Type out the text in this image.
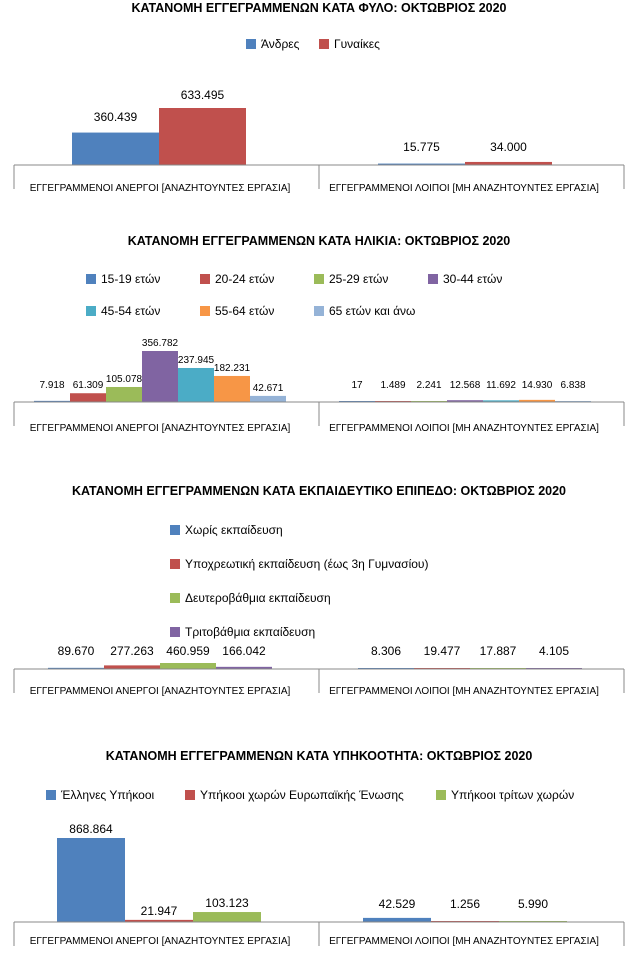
ΚΑΤΑΝΟΜΗ ΕΓΓΕΓΡΑΜΜΕΝΩΝ ΚΑΤΑ ΦΥΛΟ: ΟΚΤΩΒΡΙΟΣ 2020
Άνδρες	Γυναίκες
360.439
633.495
ΕΓΓΕΓΡΑΜΜΕΝΟΙ ΑΝΕΡΓΟΙ [ΑΝΑΖΗΤΟΥΝΤΕΣ ΕΡΓΑΣΙΑ]
15.775	34.000
ΕΓΓΕΓΡΑΜΜΕΝΟΙ ΛΟΙΠΟΙ [ΜΗ ΑΝΑΖΗΤΟΥΝΤΕΣ ΕΡΓΑΣΙΑ]
ΚΑΤΑΝΟΜΗ ΕΓΓΕΓΡΑΜΜΕΝΩΝ ΚΑΤΑ ΗΛΙΚΙΑ: ΟΚΤΩΒΡΙΟΣ 2020
15-19 ετών	20-24 ετών	25-29 ετών	30-44 ετών
45-54 ετών	55-64 ετών	65 ετών και άνω
7.918 61.309
105.078
356.782
237.945
182.231
42.671
ΕΓΓΕΓΡΑΜΜΕΝΟΙ ΑΝΕΡΓΟΙ [ΑΝΑΖΗΤΟΥΝΤΕΣ ΕΡΓΑΣΙΑ]
17 1.489 2.241 12.568 11.692 14.930 6.838
ΕΓΓΕΓΡΑΜΜΕΝΟΙ ΛΟΙΠΟΙ [ΜΗ ΑΝΑΖΗΤΟΥΝΤΕΣ ΕΡΓΑΣΙΑ]
ΚΑΤΑΝΟΜΗ ΕΓΓΕΓΡΑΜΜΕΝΩΝ ΚΑΤΑ ΕΚΠΑΙΔΕΥΤΙΚΟ ΕΠΙΠΕΔΟ: ΟΚΤΩΒΡΙΟΣ 2020
Χωρίς εκπαίδευση
Υποχρεωτική εκπαίδευση (έως 3η Γυμνασίου)
Δευτεροβάθμια εκπαίδευση
Τριτοβάθμια εκπαίδευση
89.670 277.263 460.959 166.042
ΕΓΓΕΓΡΑΜΜΕΝΟΙ ΑΝΕΡΓΟΙ [ΑΝΑΖΗΤΟΥΝΤΕΣ ΕΡΓΑΣΙΑ]
8.306 19.477 17.887 4.105
ΕΓΓΕΓΡΑΜΜΕΝΟΙ ΛΟΙΠΟΙ [ΜΗ ΑΝΑΖΗΤΟΥΝΤΕΣ ΕΡΓΑΣΙΑ]
ΚΑΤΑΝΟΜΗ ΕΓΓΕΓΡΑΜΜΕΝΩΝ ΚΑΤΑ ΥΠΗΚΟΟΤΗΤΑ: ΟΚΤΩΒΡΙΟΣ 2020
Έλληνες Υπήκοοι	Υπήκοοι χωρών Ευρωπαϊκής Ένωσης	Υπήκοοι τρίτων χωρών
868.864
21.947
103.123
ΕΓΓΕΓΡΑΜΜΕΝΟΙ ΑΝΕΡΓΟΙ [ΑΝΑΖΗΤΟΥΝΤΕΣ ΕΡΓΑΣΙΑ]
42.529	1.256	5.990
ΕΓΓΕΓΡΑΜΜΕΝΟΙ ΛΟΙΠΟΙ [ΜΗ ΑΝΑΖΗΤΟΥΝΤΕΣ ΕΡΓΑΣΙΑ]
